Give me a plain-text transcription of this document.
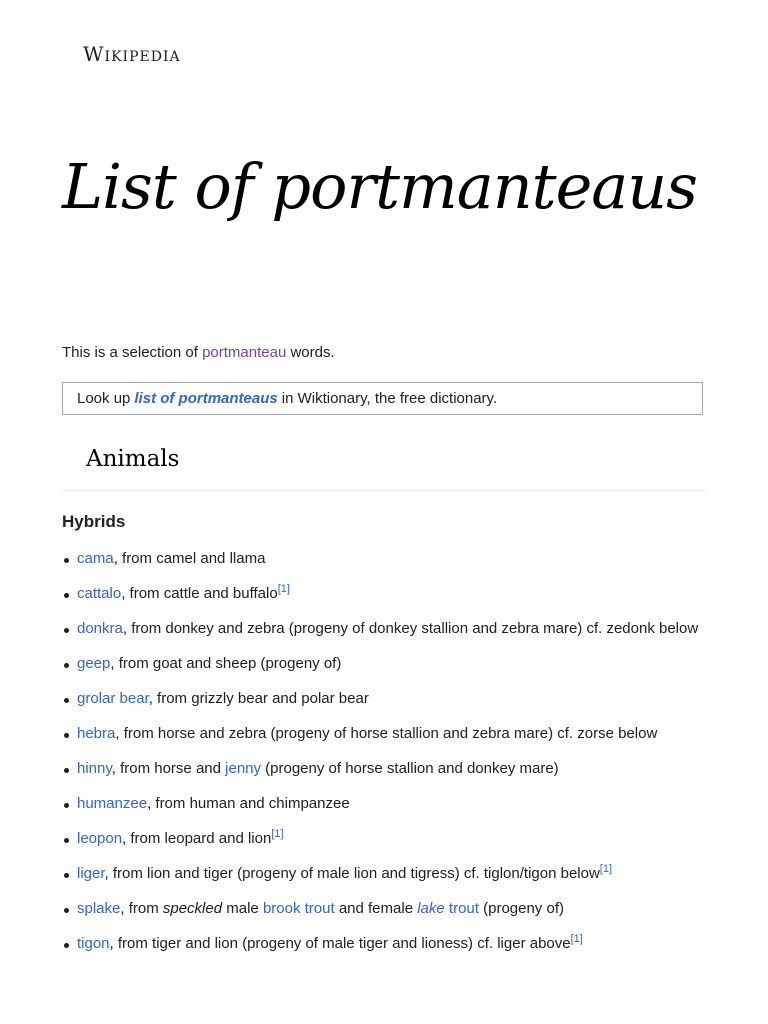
Wikipedia
List of portmanteaus
This is a selection of portmanteau words.
Look up list of portmanteaus in Wiktionary, the free dictionary.
Animals
Hybrids
cama, from camel and llama
cattalo, from cattle and buffalo[1]
donkra, from donkey and zebra (progeny of donkey stallion and zebra mare) cf. zedonk below
geep, from goat and sheep (progeny of)
grolar bear, from grizzly bear and polar bear
hebra, from horse and zebra (progeny of horse stallion and zebra mare) cf. zorse below
hinny, from horse and jenny (progeny of horse stallion and donkey mare)
humanzee, from human and chimpanzee
leopon, from leopard and lion[1]
liger, from lion and tiger (progeny of male lion and tigress) cf. tiglon/tigon below[1]
splake, from speckled male brook trout and female lake trout (progeny of)
tigon, from tiger and lion (progeny of male tiger and lioness) cf. liger above[1]
